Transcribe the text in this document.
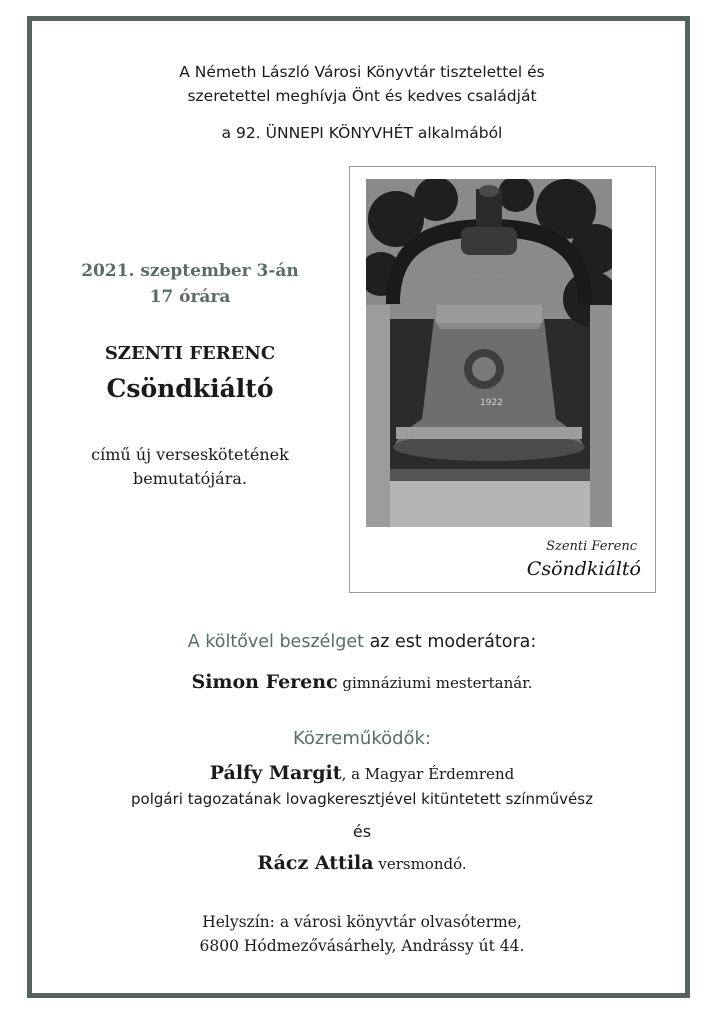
A Németh László Városi Könyvtár tisztelettel és
szeretettel meghívja Önt és kedves családját
a 92. ÜNNEPI KÖNYVHÉT alkalmából
2021. szeptember 3-án
17 órára
SZENTI FERENC
Csöndkiáltó
című új verseskötetének
bemutatójára.
1922
Szenti Ferenc
Csöndkiáltó
A költővel beszélget az est moderátora:
Simon Ferenc gimnáziumi mestertanár.
Közreműködők:
Pálfy Margit, a Magyar Érdemrend
polgári tagozatának lovagkeresztjével kitüntetett színművész
és
Rácz Attila versmondó.
Helyszín: a városi könyvtár olvasóterme,
6800 Hódmezővásárhely, Andrássy út 44.
